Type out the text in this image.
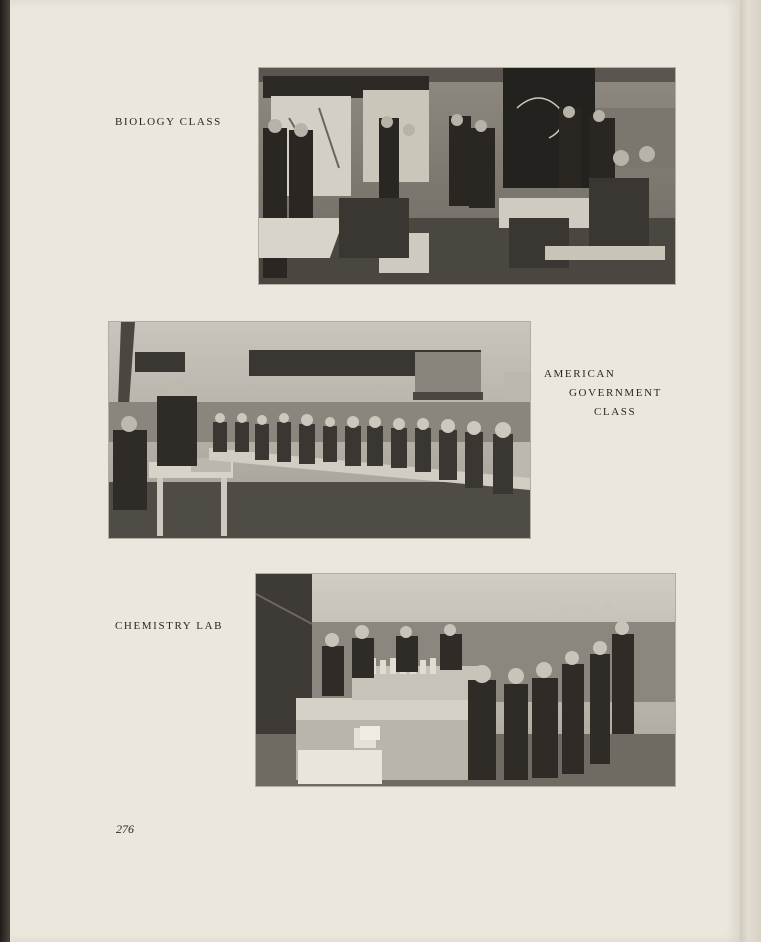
BIOLOGY CLASS
AMERICAN
GOVERNMENT
CLASS
CHEMISTRY LAB
276
